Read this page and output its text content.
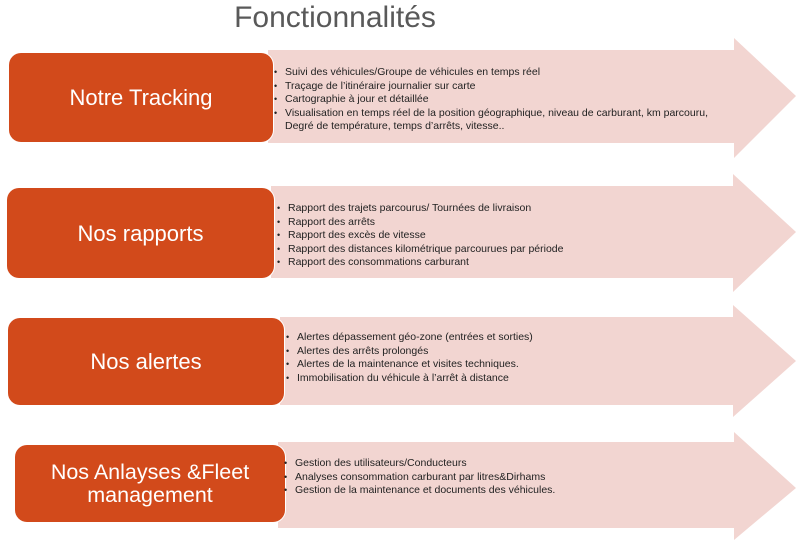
Fonctionnalités
Notre Tracking
• Suivi des véhicules/Groupe de véhicules en temps réel
• Traçage de l’itinéraire journalier sur carte
• Cartographie à jour et détaillée
• Visualisation en temps réel de la position géographique, niveau de carburant, km parcouru, Degré de température, temps d’arrêts, vitesse..
Nos rapports
• Rapport des trajets parcourus/ Tournées de livraison
• Rapport des arrêts
• Rapport des excès de vitesse
• Rapport des distances kilométrique parcourues par période
• Rapport des consommations carburant
Nos alertes
• Alertes dépassement géo-zone (entrées et sorties)
• Alertes des arrêts prolongés
• Alertes de la maintenance et visites techniques.
• Immobilisation du véhicule à l’arrêt à distance
Nos Anlayses &Fleet management
• Gestion des utilisateurs/Conducteurs
• Analyses consommation carburant par litres&Dirhams
• Gestion de la maintenance et documents des véhicules.
